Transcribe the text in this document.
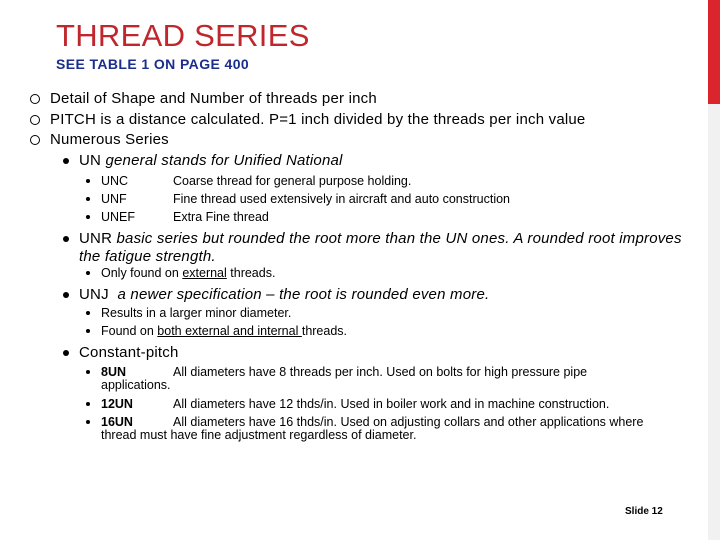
THREAD SERIES
SEE TABLE 1 ON PAGE 400
Detail of Shape and Number of threads per inch
PITCH is a distance calculated. P=1 inch divided by the threads per inch value
Numerous Series
UN general stands for Unified National
UNC	Coarse thread for general purpose holding.
UNF	Fine thread used extensively in aircraft and auto construction
UNEF	Extra Fine thread
UNR basic series but rounded the root more than the UN ones. A rounded root improves the fatigue strength.
Only found on external threads.
UNJ a newer specification – the root is rounded even more.
Results in a larger minor diameter.
Found on both external and internal threads.
Constant-pitch
8UN	All diameters have 8 threads per inch. Used on bolts for high pressure pipe applications.
12UN	All diameters have 12 thds/in. Used in boiler work and in machine construction.
16UN	All diameters have 16 thds/in. Used on adjusting collars and other applications where thread must have fine adjustment regardless of diameter.
Slide 12
